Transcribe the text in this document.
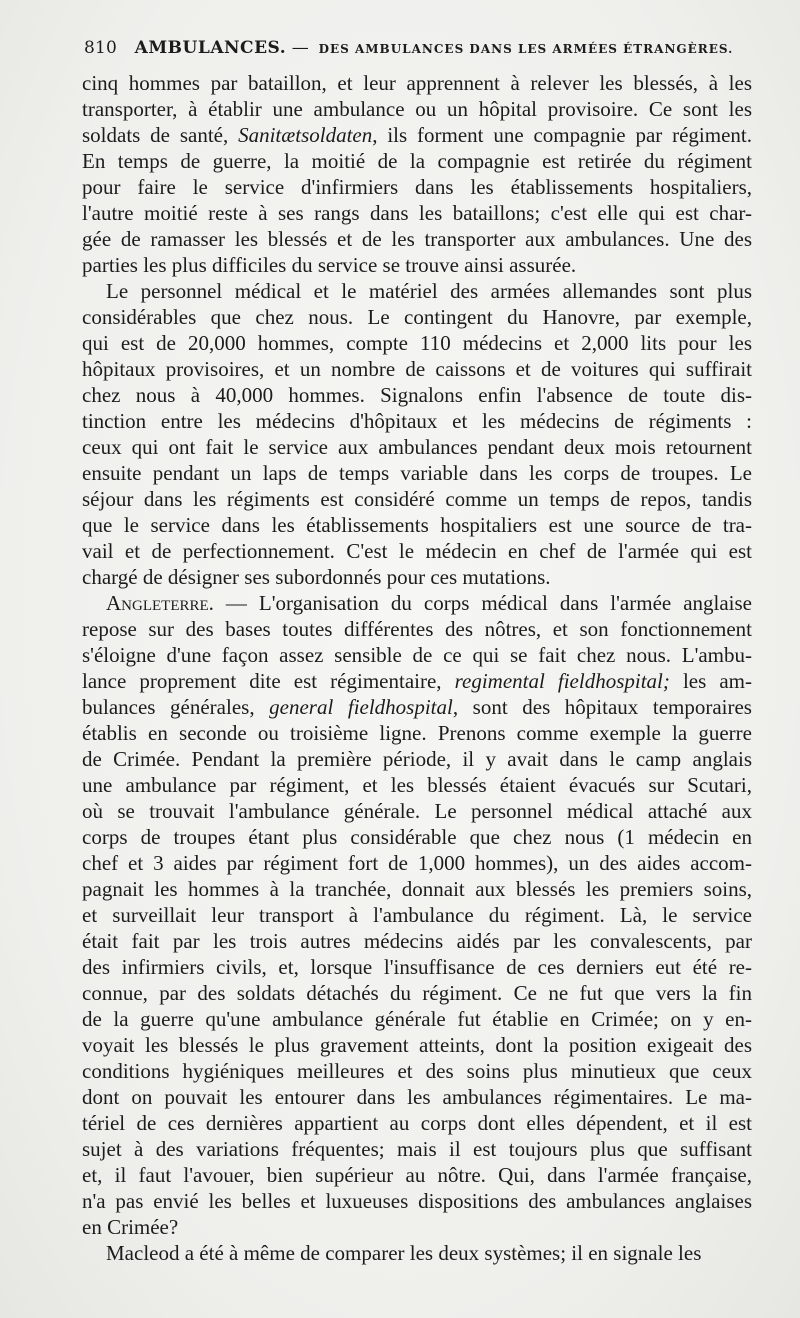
810 AMBULANCES. — DES AMBULANCES DANS LES ARMÉES ÉTRANGÈRES.
cinq hommes par bataillon, et leur apprennent à relever les blessés, à les
transporter, à établir une ambulance ou un hôpital provisoire. Ce sont les
soldats de santé, Sanitætsoldaten, ils forment une compagnie par régiment.
En temps de guerre, la moitié de la compagnie est retirée du régiment
pour faire le service d'infirmiers dans les établissements hospitaliers,
l'autre moitié reste à ses rangs dans les bataillons; c'est elle qui est char-
gée de ramasser les blessés et de les transporter aux ambulances. Une des
parties les plus difficiles du service se trouve ainsi assurée.
Le personnel médical et le matériel des armées allemandes sont plus
considérables que chez nous. Le contingent du Hanovre, par exemple,
qui est de 20,000 hommes, compte 110 médecins et 2,000 lits pour les
hôpitaux provisoires, et un nombre de caissons et de voitures qui suffirait
chez nous à 40,000 hommes. Signalons enfin l'absence de toute dis-
tinction entre les médecins d'hôpitaux et les médecins de régiments :
ceux qui ont fait le service aux ambulances pendant deux mois retournent
ensuite pendant un laps de temps variable dans les corps de troupes. Le
séjour dans les régiments est considéré comme un temps de repos, tandis
que le service dans les établissements hospitaliers est une source de tra-
vail et de perfectionnement. C'est le médecin en chef de l'armée qui est
chargé de désigner ses subordonnés pour ces mutations.
Angleterre. — L'organisation du corps médical dans l'armée anglaise
repose sur des bases toutes différentes des nôtres, et son fonctionnement
s'éloigne d'une façon assez sensible de ce qui se fait chez nous. L'ambu-
lance proprement dite est régimentaire, regimental fieldhospital; les am-
bulances générales, general fieldhospital, sont des hôpitaux temporaires
établis en seconde ou troisième ligne. Prenons comme exemple la guerre
de Crimée. Pendant la première période, il y avait dans le camp anglais
une ambulance par régiment, et les blessés étaient évacués sur Scutari,
où se trouvait l'ambulance générale. Le personnel médical attaché aux
corps de troupes étant plus considérable que chez nous (1 médecin en
chef et 3 aides par régiment fort de 1,000 hommes), un des aides accom-
pagnait les hommes à la tranchée, donnait aux blessés les premiers soins,
et surveillait leur transport à l'ambulance du régiment. Là, le service
était fait par les trois autres médecins aidés par les convalescents, par
des infirmiers civils, et, lorsque l'insuffisance de ces derniers eut été re-
connue, par des soldats détachés du régiment. Ce ne fut que vers la fin
de la guerre qu'une ambulance générale fut établie en Crimée; on y en-
voyait les blessés le plus gravement atteints, dont la position exigeait des
conditions hygiéniques meilleures et des soins plus minutieux que ceux
dont on pouvait les entourer dans les ambulances régimentaires. Le ma-
tériel de ces dernières appartient au corps dont elles dépendent, et il est
sujet à des variations fréquentes; mais il est toujours plus que suffisant
et, il faut l'avouer, bien supérieur au nôtre. Qui, dans l'armée française,
n'a pas envié les belles et luxueuses dispositions des ambulances anglaises
en Crimée?
Macleod a été à même de comparer les deux systèmes; il en signale les
